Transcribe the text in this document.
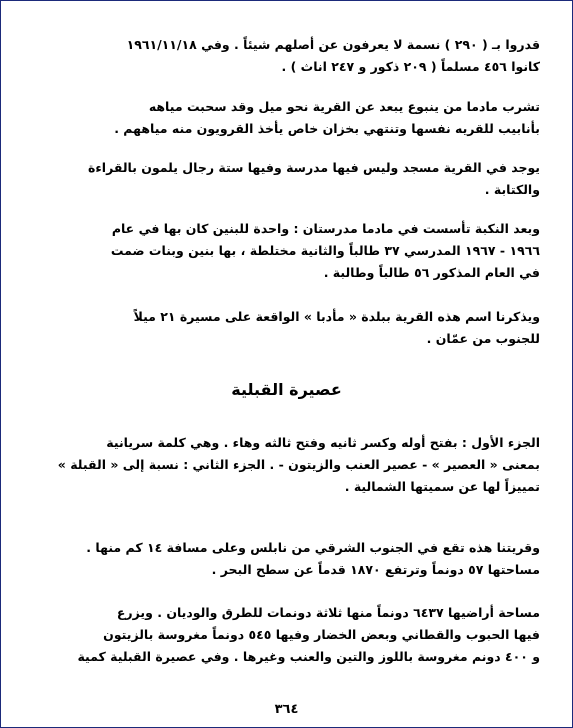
قدروا بـ ( ٢٩٠ ) نسمة لا يعرفون عن أصلهم شيئاً . وفي ١٩٦١/١١/١٨
كانوا ٤٥٦ مسلماً ( ٢٠٩ ذكور و ٢٤٧ اناث ) .
تشرب مادما من ينبوع يبعد عن القرية نحو ميل وقد سحبت مياهه
بأنابيب للقريه نفسها وتنتهي بخزان خاص يأخذ القرويون منه مياههم .
يوجد في القرية مسجد وليس فيها مدرسة وفيها ستة رجال يلمون بالقراءة
والكتابة .
وبعد النكبة تأسست في مادما مدرستان : واحدة للبنين كان بها في عام
١٩٦٦ - ١٩٦٧ المدرسي ٣٧ طالباً والثانية مختلطة ، بها بنين وبنات ضمت
في العام المذكور ٥٦ طالباً وطالبة .
ويذكرنا اسم هذه القرية ببلدة « مأدبا » الواقعة على مسيرة ٢١ ميلاً
للجنوب من عمّان .
عصيرة القبلية
الجزء الأول : بفتح أوله وكسر ثانيه وفتح ثالثه وهاء . وهي كلمة سريانية
بمعنى « العصير » - عصير العنب والزيتون - . الجزء الثاني : نسبة إلى « القبلة »
تمييزاً لها عن سميتها الشمالية .
وقريتنا هذه تقع في الجنوب الشرقي من نابلس وعلى مسافة ١٤ كم منها .
مساحتها ٥٧ دونماً وترتفع ١٨٧٠ قدماً عن سطح البحر .
مساحة أراضيها ٦٤٣٧ دونماً منها ثلاثة دونمات للطرق والوديان . ويزرع
فيها الحبوب والقطاني وبعض الخضار وفيها ٥٤٥ دونماً مغروسة بالزيتون
و ٤٠٠ دونم مغروسة باللوز والتين والعنب وغيرها . وفي عصيرة القبلية كمية
٣٦٤
